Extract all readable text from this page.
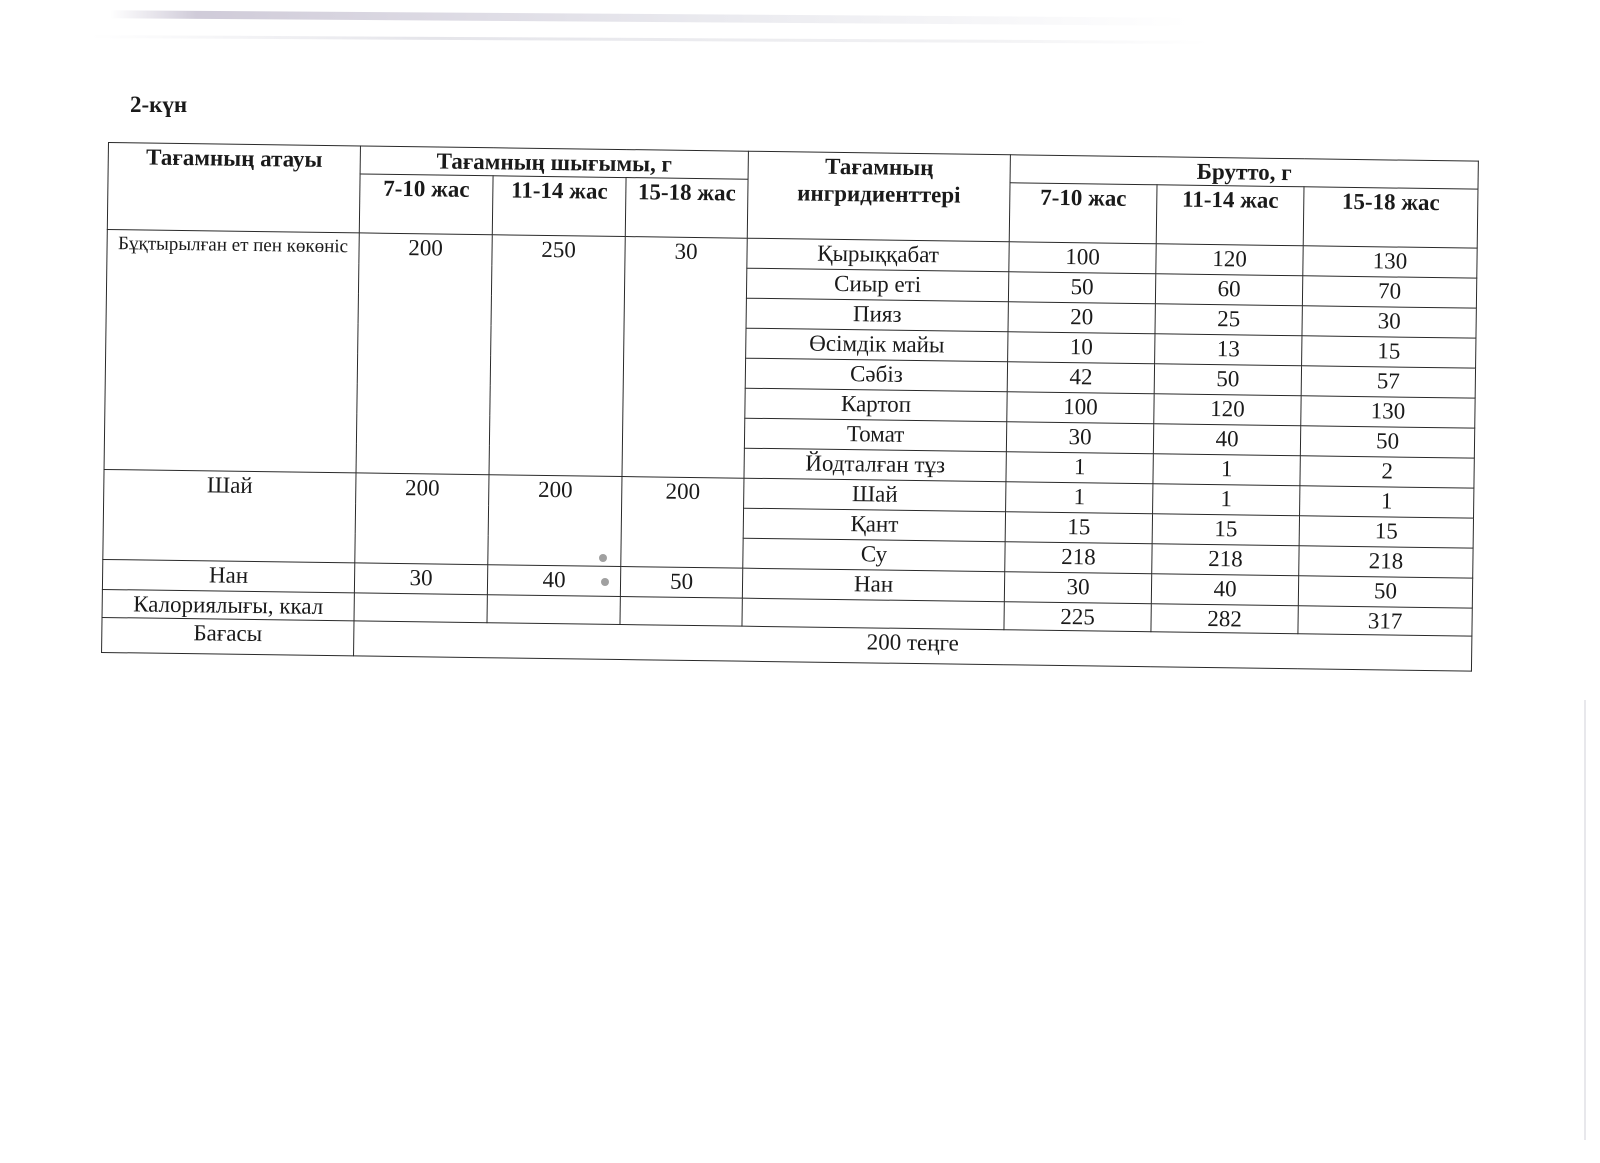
2-күн
Тағамның атауы	Тағамның шығымы, г			Тағамның ингридиенттері	Брутто, г		
	7-10 жас	11-14 жас	15-18 жас		7-10 жас	11-14 жас	15-18 жас
Бұқтырылған ет пен көкөніс	200	250	30	Қырыққабат	100	120	130
				Сиыр еті	50	60	70
				Пияз	20	25	30
				Өсімдік майы	10	13	15
				Сәбіз	42	50	57
				Картоп	100	120	130
				Томат	30	40	50
				Йодталған тұз	1	1	2
Шай	200	200	200	Шай	1	1	1
				Қант	15	15	15
				Су	218	218	218
Нан	30	40	50	Нан	30	40	50
Калориялығы, ккал					225	282	317
Бағасы	200 теңге						
